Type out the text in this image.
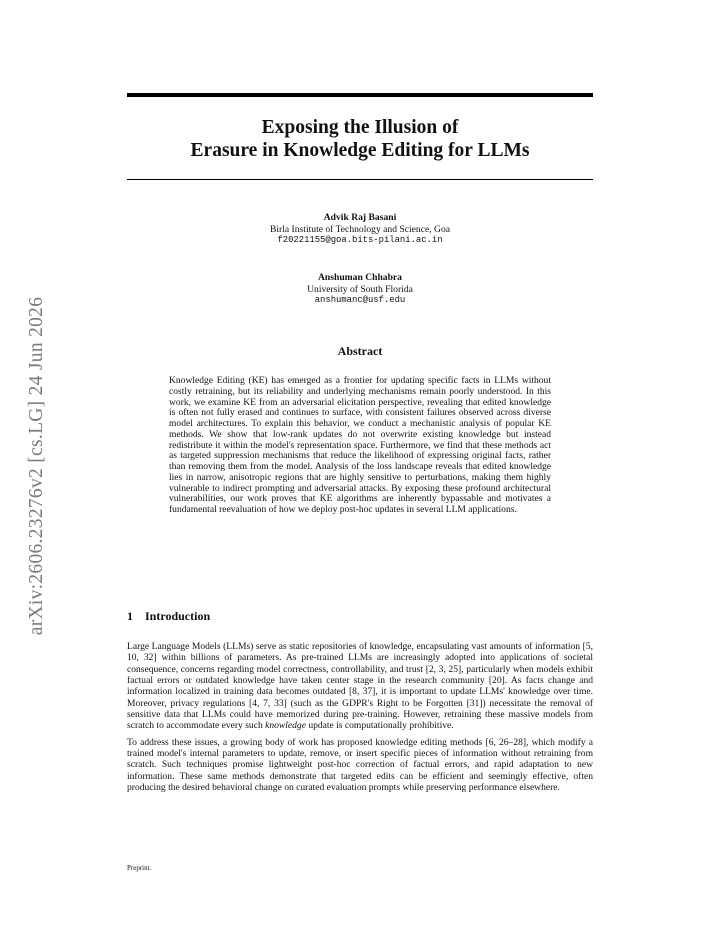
arXiv:2606.23276v2 [cs.LG] 24 Jun 2026
Exposing the Illusion of
Erasure in Knowledge Editing for LLMs
Advik Raj Basani
Birla Institute of Technology and Science, Goa
f20221155@goa.bits-pilani.ac.in
Anshuman Chhabra
University of South Florida
anshumanc@usf.edu
Abstract

Knowledge Editing (KE) has emerged as a frontier for updating specific facts in LLMs without costly retraining, but its reliability and underlying mechanisms remain poorly understood. In this work, we examine KE from an adversarial elicitation perspective, revealing that edited knowledge is often not fully erased and continues to surface, with consistent failures observed across diverse model architectures. To explain this behavior, we conduct a mechanistic analysis of popular KE methods. We show that low-rank updates do not overwrite existing knowledge but instead redistribute it within the model's representation space. Furthermore, we find that these methods act as targeted suppression mechanisms that reduce the likelihood of expressing original facts, rather than removing them from the model. Analysis of the loss landscape reveals that edited knowledge lies in narrow, anisotropic regions that are highly sensitive to perturbations, making them highly vulnerable to indirect prompting and adversarial attacks. By exposing these profound architectural vulnerabilities, our work proves that KE algorithms are inherently bypassable and motivates a fundamental reevaluation of how we deploy post-hoc updates in several LLM applications.

1 Introduction

Large Language Models (LLMs) serve as static repositories of knowledge, encapsulating vast amounts of information [5, 10, 32] within billions of parameters. As pre-trained LLMs are increasingly adopted into applications of societal consequence, concerns regarding model correctness, controllability, and trust [2, 3, 25], particularly when models exhibit factual errors or outdated knowledge have taken center stage in the research community [20]. As facts change and information localized in training data becomes outdated [8, 37], it is important to update LLMs' knowledge over time. Moreover, privacy regulations [4, 7, 33] (such as the GDPR's Right to be Forgotten [31]) necessitate the removal of sensitive data that LLMs could have memorized during pre-training. However, retraining these massive models from scratch to accommodate every such knowledge update is computationally prohibitive.

To address these issues, a growing body of work has proposed knowledge editing methods [6, 26–28], which modify a trained model's internal parameters to update, remove, or insert specific pieces of information without retraining from scratch. Such techniques promise lightweight post-hoc correction of factual errors, and rapid adaptation to new information. These same methods demonstrate that targeted edits can be efficient and seemingly effective, often producing the desired behavioral change on curated evaluation prompts while preserving performance elsewhere.

Preprint.
